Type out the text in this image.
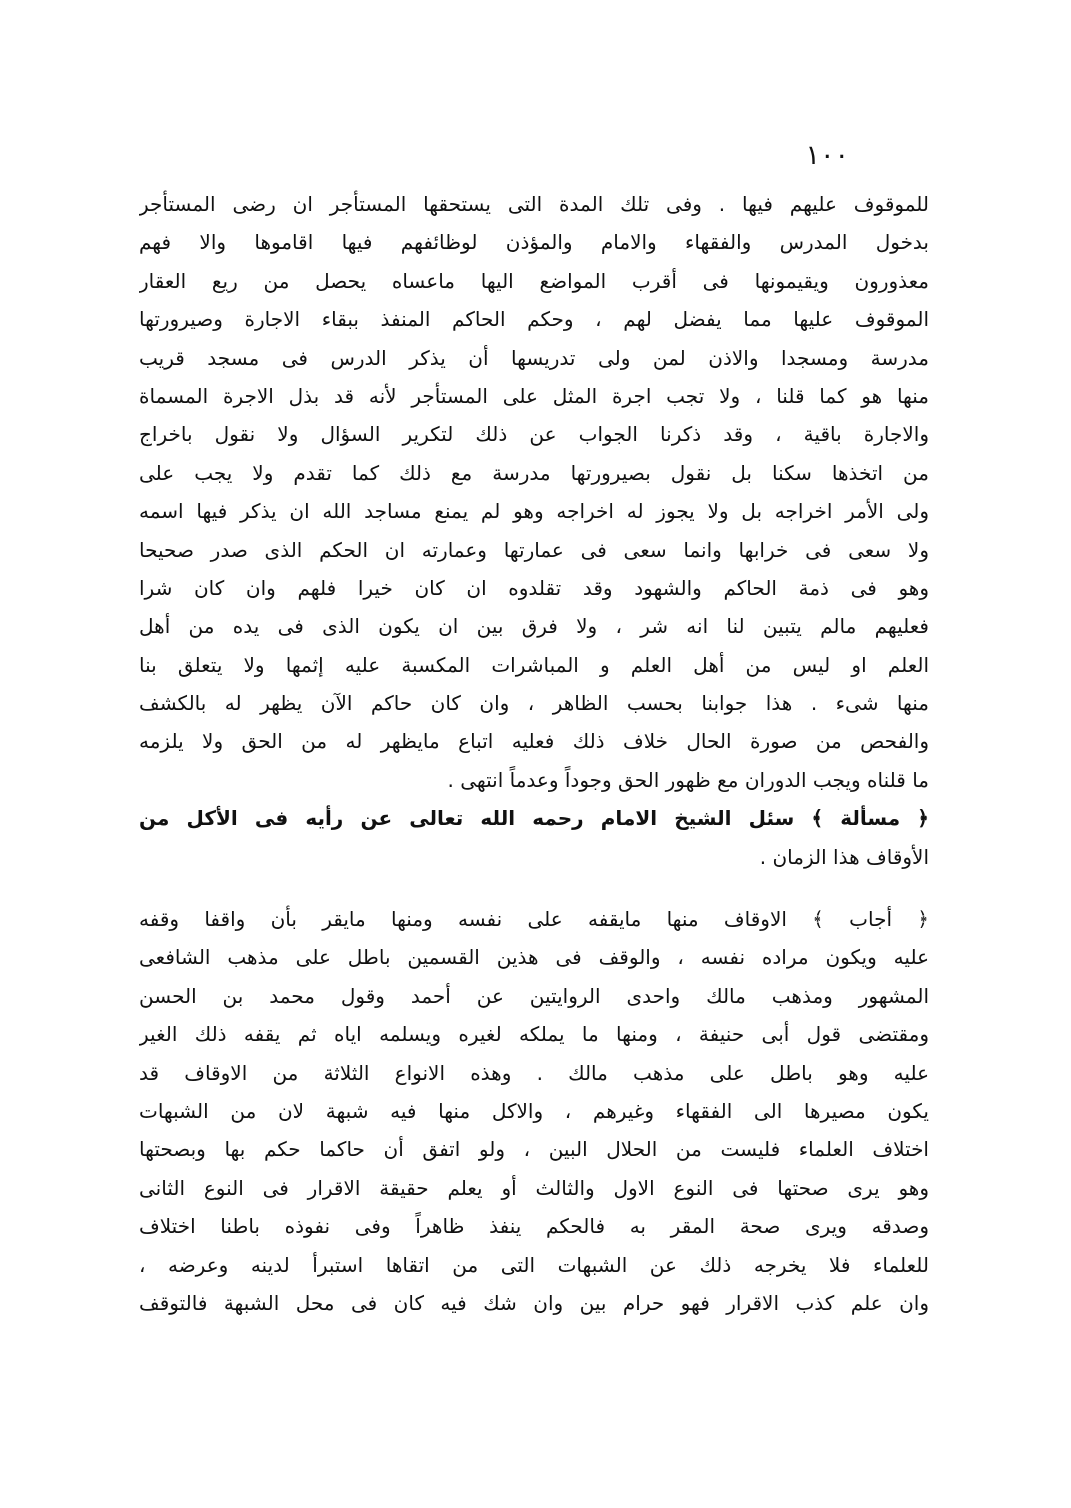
١٠٠
للموقوف عليهم فيها . وفى تلك المدة التى يستحقها المستأجر ان رضى المستأجر
بدخول المدرس والفقهاء والامام والمؤذن لوظائفهم فيها اقاموها والا فهم
معذورون ويقيمونها فى أقرب المواضع اليها ماعساه يحصل من ريع العقار
الموقوف عليها مما يفضل لهم ، وحكم الحاكم المنفذ ببقاء الاجارة وصيرورتها
مدرسة ومسجدا والاذن لمن ولى تدريسها أن يذكر الدرس فى مسجد قريب
منها هو كما قلنا ، ولا تجب اجرة المثل على المستأجر لأنه قد بذل الاجرة المسماة
والاجارة باقية ، وقد ذكرنا الجواب عن ذلك لتكرير السؤال ولا نقول باخراج
من اتخذها سكنا بل نقول بصيرورتها مدرسة مع ذلك كما تقدم ولا يجب على
ولى الأمر اخراجه بل ولا يجوز له اخراجه وهو لم يمنع مساجد الله ان يذكر فيها اسمه
ولا سعى فى خرابها وانما سعى فى عمارتها وعمارته ان الحكم الذى صدر صحيحا
وهو فى ذمة الحاكم والشهود وقد تقلدوه ان كان خيرا فلهم وان كان شرا
فعليهم مالم يتبين لنا انه شر ، ولا فرق بين ان يكون الذى فى يده من أهل
العلم او ليس من أهل العلم و المباشرات المكسبة عليه إثمها ولا يتعلق بنا
منها شىء . هذا جوابنا بحسب الظاهر ، وان كان حاكم الآن يظهر له بالكشف
والفحص من صورة الحال خلاف ذلك فعليه اتباع مايظهر له من الحق ولا يلزمه
ما قلناه ويجب الدوران مع ظهور الحق وجوداً وعدماً انتهى .
﴿ مسألة ﴾ سئل الشيخ الامام رحمه الله تعالى عن رأيه فى الأكل من
الأوقاف هذا الزمان .
﴿ أجاب ﴾ الاوقاف منها مايقفه على نفسه ومنها مايقر بأن واقفا وقفه
عليه ويكون مراده نفسه ، والوقف فى هذين القسمين باطل على مذهب الشافعى
المشهور ومذهب مالك واحدى الروايتين عن أحمد وقول محمد بن الحسن
ومقتضى قول أبى حنيفة ، ومنها ما يملكه لغيره ويسلمه اياه ثم يقفه ذلك الغير
عليه وهو باطل على مذهب مالك . وهذه الانواع الثلاثة من الاوقاف قد
يكون مصيرها الى الفقهاء وغيرهم ، والاكل منها فيه شبهة لان من الشبهات
اختلاف العلماء فليست من الحلال البين ، ولو اتفق أن حاكما حكم بها وبصحتها
وهو يرى صحتها فى النوع الاول والثالث أو يعلم حقيقة الاقرار فى النوع الثانى
وصدقه ويرى صحة المقر به فالحكم ينفذ ظاهراً وفى نفوذه باطنا اختلاف
للعلماء فلا يخرجه ذلك عن الشبهات التى من اتقاها استبرأ لدينه وعرضه ،
وان علم كذب الاقرار فهو حرام بين وان شك فيه كان فى محل الشبهة فالتوقف
